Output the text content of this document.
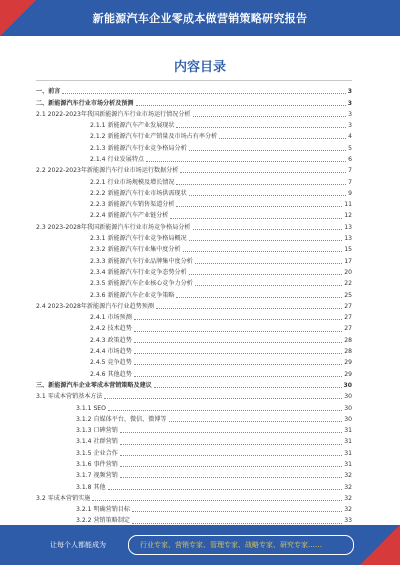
新能源汽车企业零成本做营销策略研究报告
内容目录
一、前言	3
二、新能源汽车行业市场分析及预测	3
2.1 2022-2023年我国新能源汽车行业市场运行情况分析	3
2.1.1 新能源汽车产业发展现状	3
2.1.2 新能源汽车行业产销量及市场占有率分析	4
2.1.3 新能源汽车行业竞争格局分析	5
2.1.4 行业发展特点	6
2.2 2022-2023年新能源汽车行业市场运行数据分析	7
2.2.1 行业市场规模及增长情况	7
2.2.2 新能源汽车行业市场供需现状	9
2.2.3 新能源汽车销售渠道分析	11
2.2.4 新能源汽车产业链分析	12
2.3 2023-2028年我国新能源汽车行业市场竞争格局分析	13
2.3.1 新能源汽车行业竞争格局概况	13
2.3.2 新能源汽车行业集中度分析	15
2.3.3 新能源汽车行业品牌集中度分析	17
2.3.4 新能源汽车行业竞争态势分析	20
2.3.5 新能源汽车企业核心竞争力分析	22
2.3.6 新能源汽车企业竞争策略	25
2.4 2023-2028年新能源汽车行业趋势预测	27
2.4.1 市场预测	27
2.4.2 技术趋势	27
2.4.3 政策趋势	28
2.4.4 市场趋势	28
2.4.5 竞争趋势	29
2.4.6 其他趋势	29
三、新能源汽车企业零成本营销策略及建议	30
3.1 零成本营销基本方法	30
3.1.1 SEO	30
3.1.2 自媒体平台、微信、微博等	30
3.1.3 口碑营销	31
3.1.4 社群营销	31
3.1.5 企业合作	31
3.1.6 事件营销	31
3.1.7 视频营销	32
3.1.8 其他	32
3.2 零成本营销实施	32
3.2.1 明确营销目标	32
3.2.2 营销策略制定	33
让每个人都能成为	行业专家、营销专家、管理专家、战略专家、研究专家……
